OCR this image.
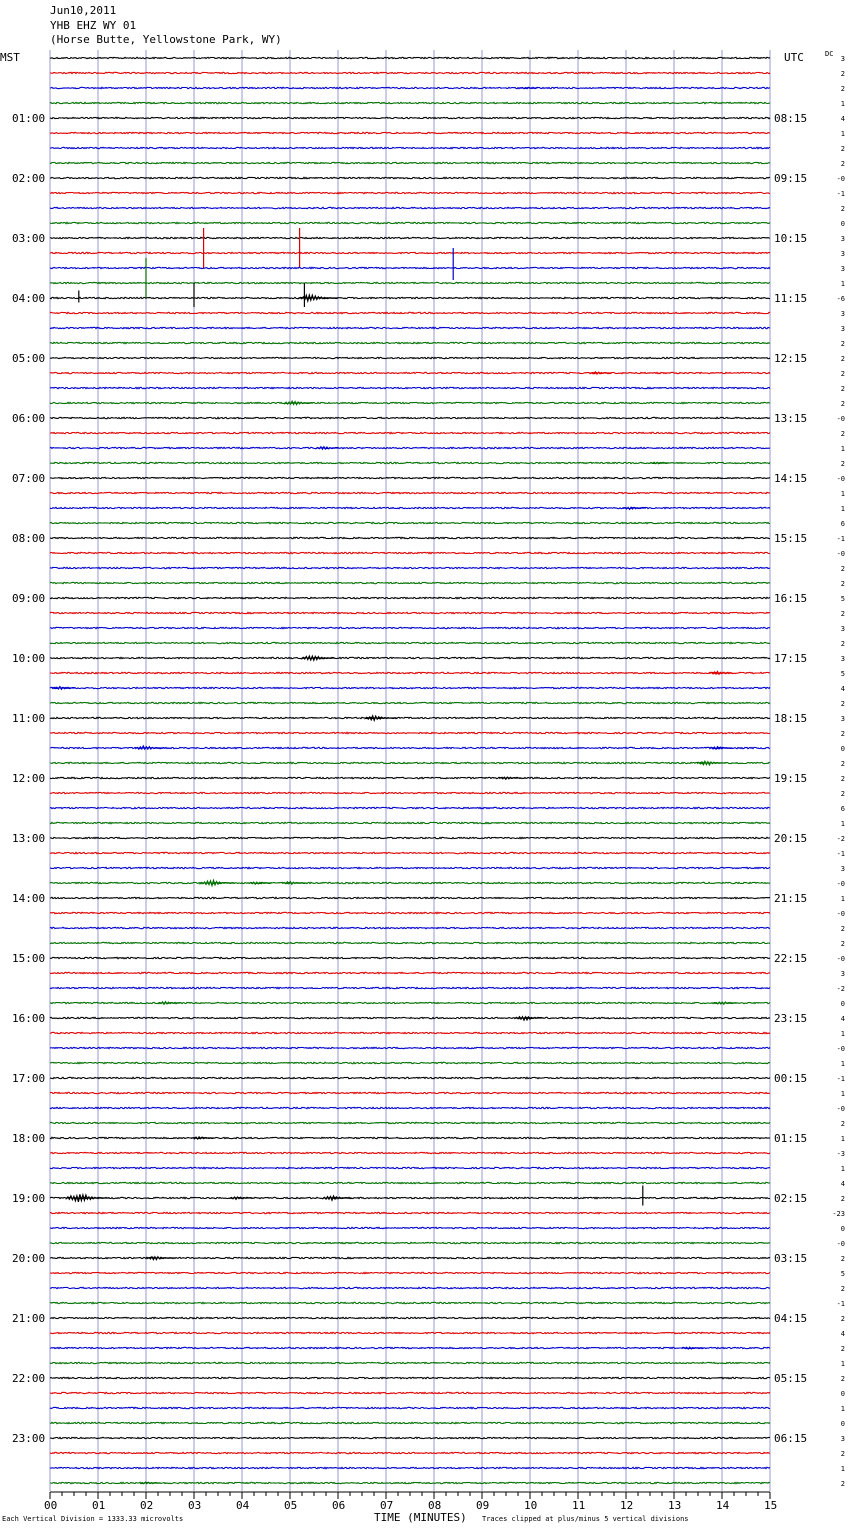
Jun10,2011
YHB EHZ WY 01
(Horse Butte, Yellowstone Park, WY)
00	01	02	03	04	05	06	07	08	09	10	11	12	13	14	15
01:00
02:00
03:00
04:00
05:00
06:00
07:00
08:00
09:00
10:00
11:00
12:00
13:00
14:00
15:00
16:00
17:00
18:00
19:00
20:00
21:00
22:00
23:00
08:15
09:15
10:15
11:15
12:15
13:15
14:15
15:15
16:15
17:15
18:15
19:15
20:15
21:15
22:15
23:15
00:15
01:15
02:15
03:15
04:15
05:15
06:15
3
2
2
1
4
1
2
2
-0
-1
2
0
3
3
3
1
-6
3
3
2
2
2
2
2
-0
2
1
2
-0
1
1
6
-1
-0
2
2
5
2
3
2
3
5
4
2
3
2
0
2
2
2
6
1
-2
-1
3
-0
1
-0
2
2
-0
3
-2
0
4
1
-0
1
-1
1
-0
2
1
-3
1
4
2
-23
0
-0
2
5
2
-1
2
4
2
1
2
0
1
0
3
2
1
2
MST	UTC	DC
Each Vertical Division = 1333.33 microvolts	TIME (MINUTES) Traces clipped at plus/minus 5 vertical divisions
